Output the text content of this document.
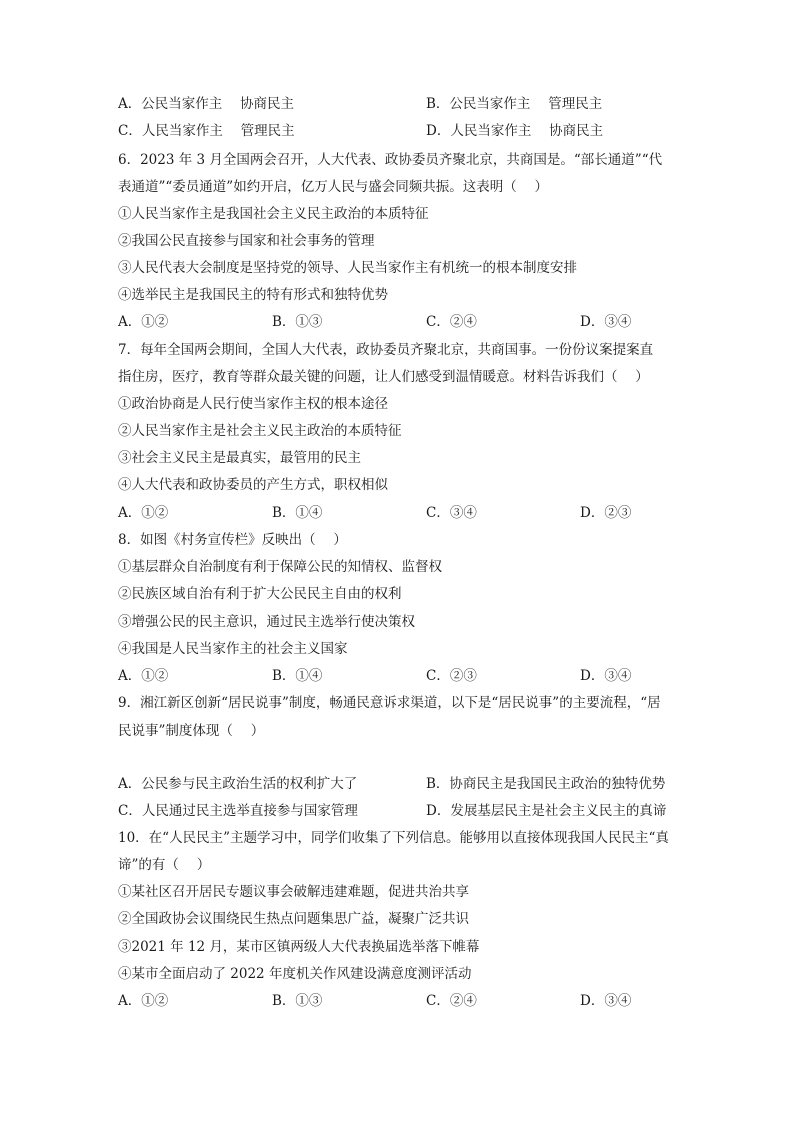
A．公民当家作主　 协商民主	B．公民当家作主　 管理民主
C．人民当家作主　 管理民主	D．人民当家作主　 协商民主
6．2023 年 3 月全国两会召开，人大代表、政协委员齐聚北京，共商国是。“部长通道”“代
表通道”“委员通道”如约开启，亿万人民与盛会同频共振。这表明（　 ）
①人民当家作主是我国社会主义民主政治的本质特征
②我国公民直接参与国家和社会事务的管理
③人民代表大会制度是坚持党的领导、人民当家作主有机统一的根本制度安排
④选举民主是我国民主的特有形式和独特优势
A．①②	B．①③	C．②④	D．③④
7．每年全国两会期间，全国人大代表，政协委员齐聚北京，共商国事。一份份议案提案直
指住房，医疗，教育等群众最关键的问题，让人们感受到温情暖意。材料告诉我们（　 ）
①政治协商是人民行使当家作主权的根本途径
②人民当家作主是社会主义民主政治的本质特征
③社会主义民主是最真实，最管用的民主
④人大代表和政协委员的产生方式，职权相似
A．①②	B．①④	C．③④	D．②③
8．如图《村务宣传栏》反映出（　 ）
①基层群众自治制度有利于保障公民的知情权、监督权
②民族区域自治有利于扩大公民民主自由的权利
③增强公民的民主意识，通过民主选举行使决策权
④我国是人民当家作主的社会主义国家
A．①②	B．①④	C．②③	D．③④
9．湘江新区创新“居民说事”制度，畅通民意诉求渠道，以下是“居民说事”的主要流程，“居
民说事”制度体现（　 ）
A．公民参与民主政治生活的权利扩大了	B．协商民主是我国民主政治的独特优势
C．人民通过民主选举直接参与国家管理	D．发展基层民主是社会主义民主的真谛
10．在“人民民主”主题学习中，同学们收集了下列信息。能够用以直接体现我国人民民主“真
谛”的有（　 ）
①某社区召开居民专题议事会破解违建难题，促进共治共享
②全国政协会议围绕民生热点问题集思广益，凝聚广泛共识
③2021 年 12 月，某市区镇两级人大代表换届选举落下帷幕
④某市全面启动了 2022 年度机关作风建设满意度测评活动
A．①②	B．①③	C．②④	D．③④
